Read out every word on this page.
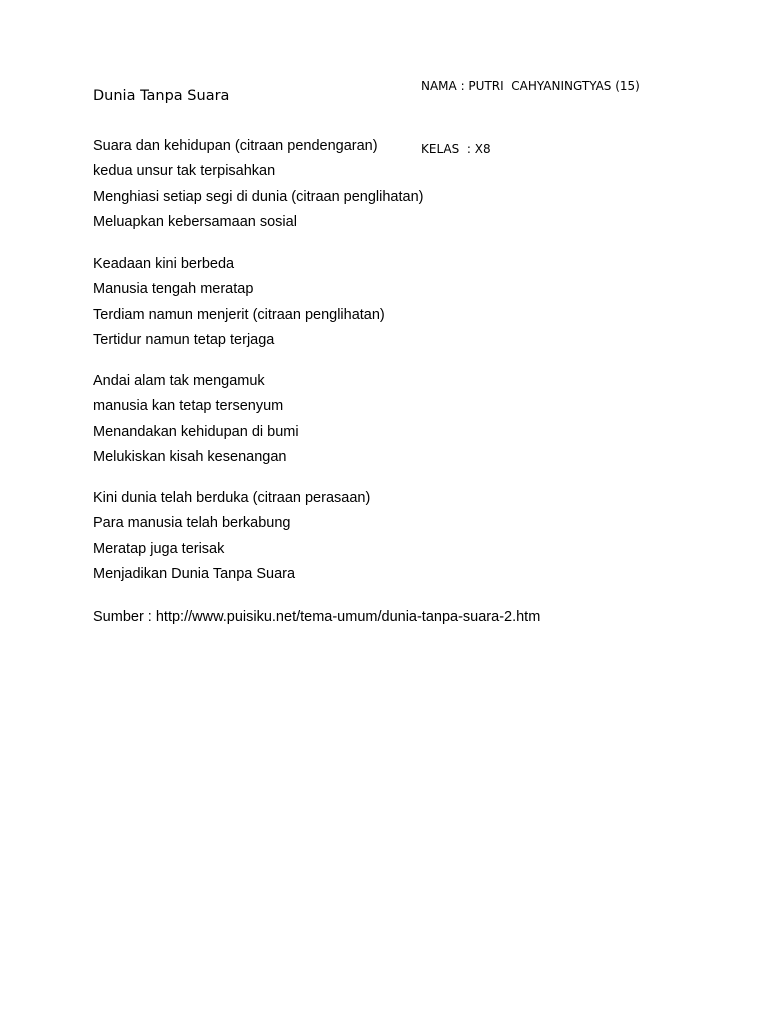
NAMA : PUTRI  CAHYANINGTYAS (15)

KELAS  : X8

Dunia Tanpa Suara
Suara dan kehidupan (citraan pendengaran)
kedua unsur tak terpisahkan
Menghiasi setiap segi di dunia (citraan penglihatan)
Meluapkan kebersamaan sosial
Keadaan kini berbeda
Manusia tengah meratap
Terdiam namun menjerit (citraan penglihatan)
Tertidur namun tetap terjaga
Andai alam tak mengamuk
manusia kan tetap tersenyum
Menandakan kehidupan di bumi
Melukiskan kisah kesenangan
Kini dunia telah berduka (citraan perasaan)
Para manusia telah berkabung
Meratap juga terisak
Menjadikan Dunia Tanpa Suara
Sumber : http://www.puisiku.net/tema-umum/dunia-tanpa-suara-2.htm
